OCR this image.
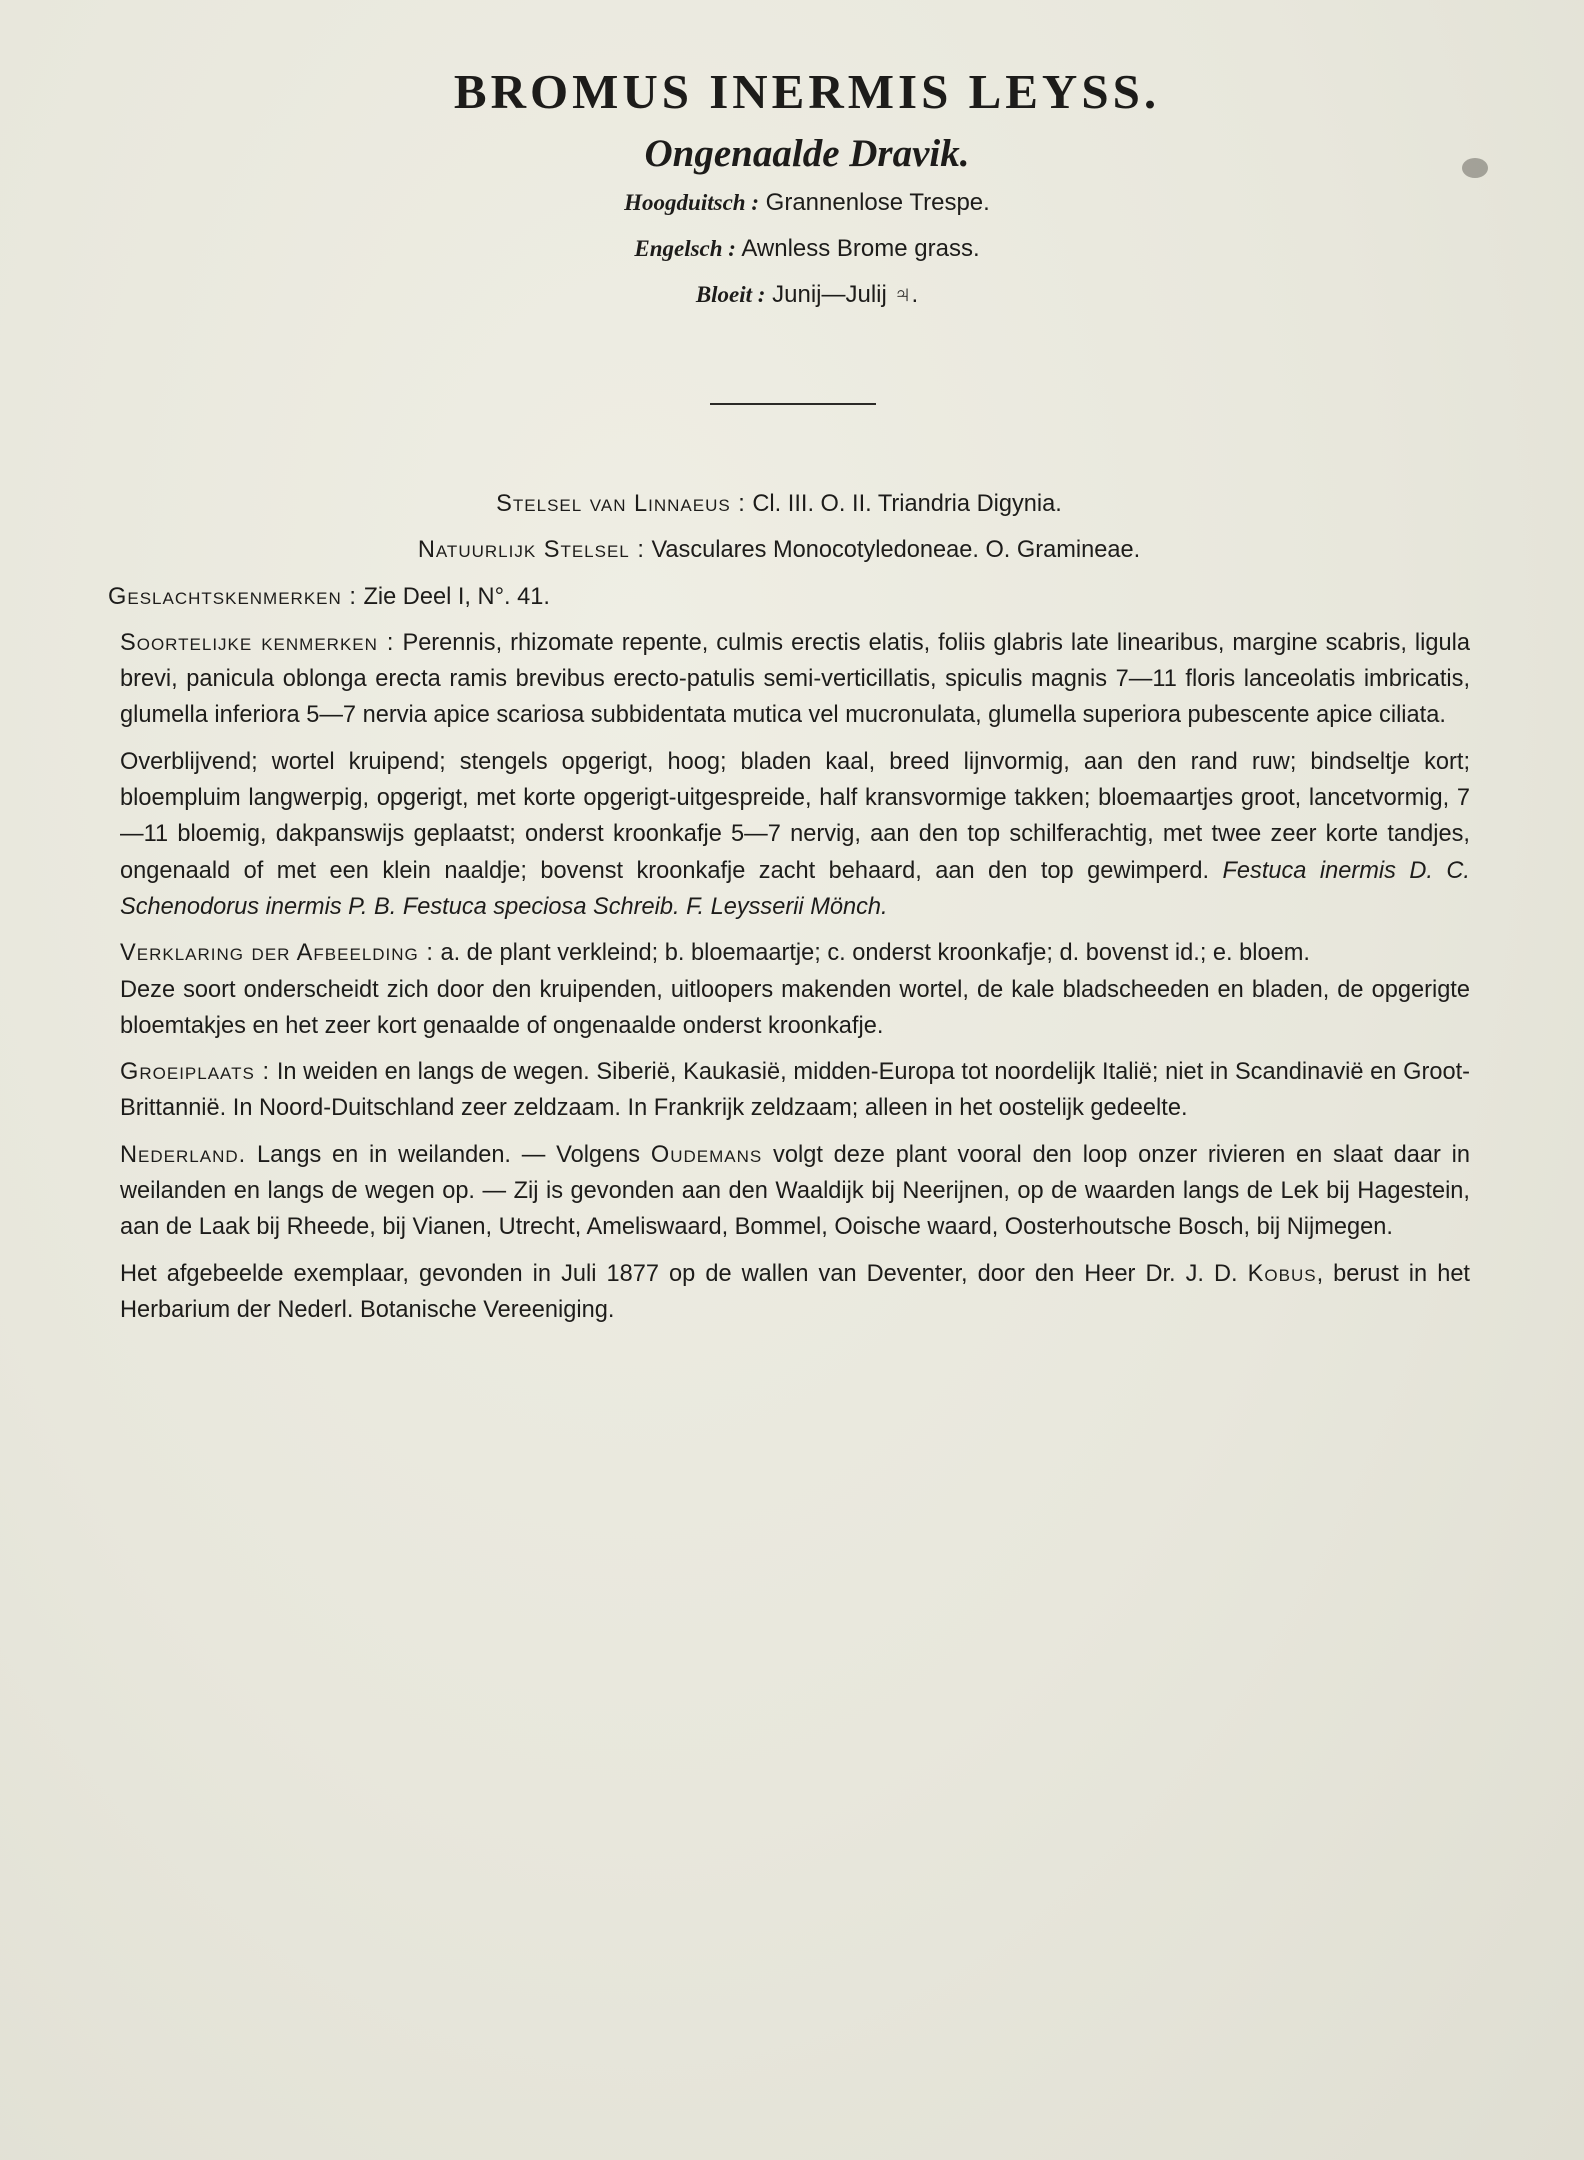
BROMUS INERMIS LEYSS.
Ongenaalde Dravik.
Hoogduitsch : Grannenlose Trespe.
Engelsch : Awnless Brome grass.
Bloeit : Junij—Julij ♃.

Stelsel van Linnaeus : Cl. III. O. II. Triandria Digynia.

Natuurlijk Stelsel : Vasculares Monocotyledoneae. O. Gramineae.

Geslachtskenmerken : Zie Deel I, N°. 41.

Soortelijke kenmerken : Perennis, rhizomate repente, culmis erectis elatis, foliis glabris late linearibus, margine scabris, ligula brevi, panicula oblonga erecta ramis brevibus erecto-patulis semi-verticillatis, spiculis magnis 7—11 floris lanceolatis imbricatis, glumella inferiora 5—7 nervia apice scariosa subbidentata mutica vel mucronulata, glumella superiora pubescente apice ciliata.

Overblijvend; wortel kruipend; stengels opgerigt, hoog; bladen kaal, breed lijnvormig, aan den rand ruw; bindseltje kort; bloempluim langwerpig, opgerigt, met korte opgerigt-uitgespreide, half kransvormige takken; bloemaartjes groot, lancetvormig, 7—11 bloemig, dakpanswijs geplaatst; onderst kroonkafje 5—7 nervig, aan den top schilferachtig, met twee zeer korte tandjes, ongenaald of met een klein naaldje; bovenst kroonkafje zacht behaard, aan den top gewimperd. Festuca inermis D. C. Schenodorus inermis P. B. Festuca speciosa Schreib. F. Leysserii Mönch.

Verklaring der Afbeelding : a. de plant verkleind; b. bloemaartje; c. onderst kroonkafje; d. bovenst id.; e. bloem.

Deze soort onderscheidt zich door den kruipenden, uitloopers makenden wortel, de kale bladscheeden en bladen, de opgerigte bloemtakjes en het zeer kort genaalde of ongenaalde onderst kroonkafje.

Groeiplaats : In weiden en langs de wegen. Siberië, Kaukasië, midden-Europa tot noordelijk Italië; niet in Scandinavië en Groot-Brittannië. In Noord-Duitschland zeer zeldzaam. In Frankrijk zeldzaam; alleen in het oostelijk gedeelte.

Nederland. Langs en in weilanden. — Volgens Oudemans volgt deze plant vooral den loop onzer rivieren en slaat daar in weilanden en langs de wegen op. — Zij is gevonden aan den Waaldijk bij Neerijnen, op de waarden langs de Lek bij Hagestein, aan de Laak bij Rheede, bij Vianen, Utrecht, Ameliswaard, Bommel, Ooische waard, Oosterhoutsche Bosch, bij Nijmegen.

Het afgebeelde exemplaar, gevonden in Juli 1877 op de wallen van Deventer, door den Heer Dr. J. D. Kobus, berust in het Herbarium der Nederl. Botanische Vereeniging.
